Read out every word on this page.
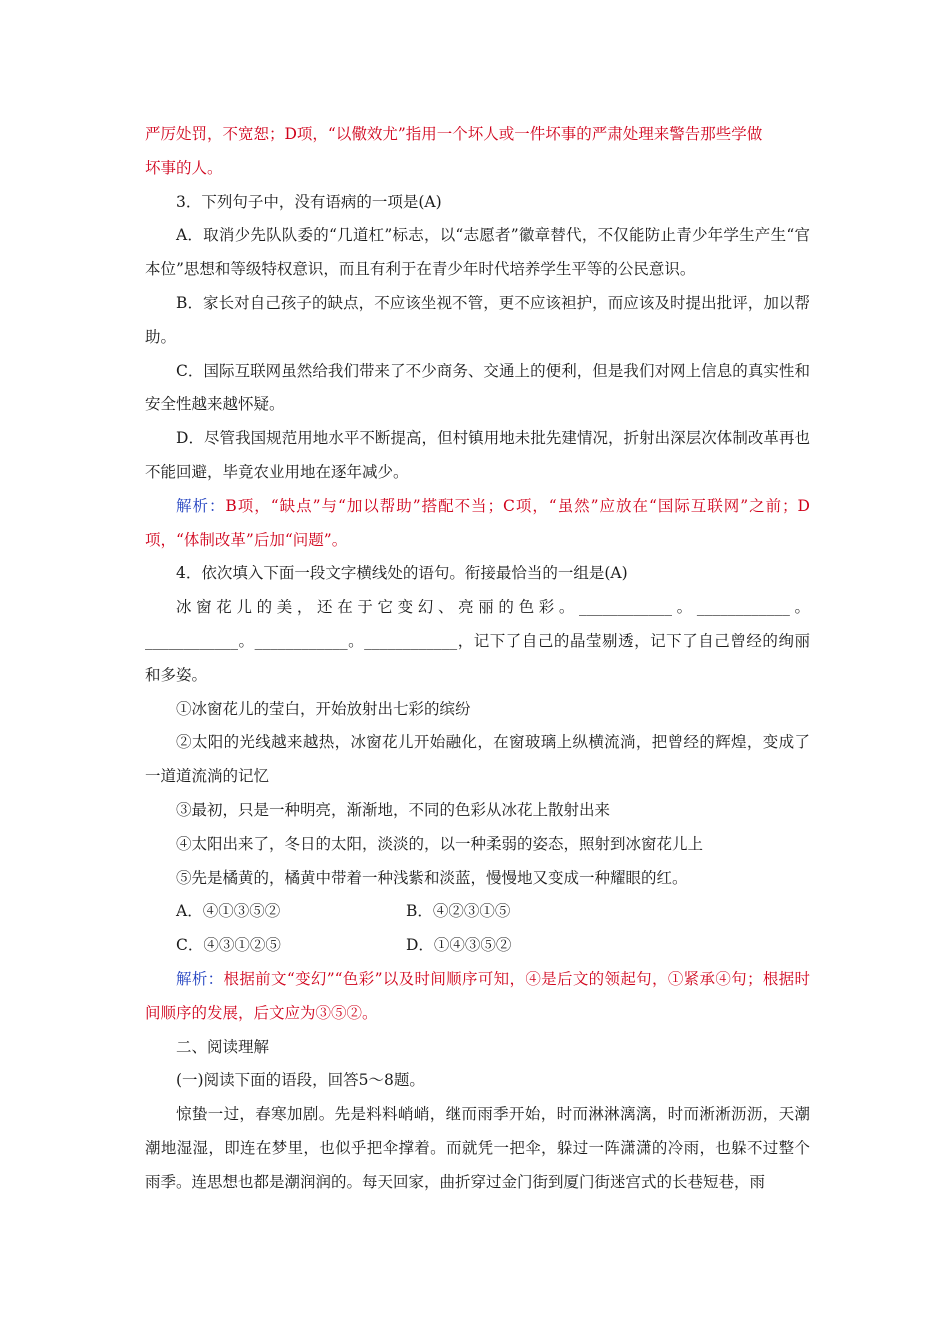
严厉处罚，不宽恕；D项，“以儆效尤”指用一个坏人或一件坏事的严肃处理来警告那些学做

坏事的人。

3．下列句子中，没有语病的一项是(A)

A．取消少先队队委的“几道杠”标志，以“志愿者”徽章替代，不仅能防止青少年学生产生“官本位”思想和等级特权意识，而且有利于在青少年时代培养学生平等的公民意识。

B．家长对自己孩子的缺点，不应该坐视不管，更不应该袒护，而应该及时提出批评，加以帮助。

C．国际互联网虽然给我们带来了不少商务、交通上的便利，但是我们对网上信息的真实性和安全性越来越怀疑。

D．尽管我国规范用地水平不断提高，但村镇用地未批先建情况，折射出深层次体制改革再也不能回避，毕竟农业用地在逐年减少。

解析：B项，“缺点”与“加以帮助”搭配不当；C项，“虽然”应放在“国际互联网”之前；D项，“体制改革”后加“问题”。

4．依次填入下面一段文字横线处的语句。衔接最恰当的一组是(A)

冰窗花儿的美，还在于它变幻、亮丽的色彩。____________。____________。____________。____________。____________，记下了自己的晶莹剔透，记下了自己曾经的绚丽和多姿。

①冰窗花儿的莹白，开始放射出七彩的缤纷

②太阳的光线越来越热，冰窗花儿开始融化，在窗玻璃上纵横流淌，把曾经的辉煌，变成了一道道流淌的记忆

③最初，只是一种明亮，渐渐地，不同的色彩从冰花上散射出来

④太阳出来了，冬日的太阳，淡淡的，以一种柔弱的姿态，照射到冰窗花儿上

⑤先是橘黄的，橘黄中带着一种浅紫和淡蓝，慢慢地又变成一种耀眼的红。

A．④①③⑤②	B．④②③①⑤
C．④③①②⑤	D．①④③⑤②

解析：根据前文“变幻”“色彩”以及时间顺序可知，④是后文的领起句，①紧承④句；根据时间顺序的发展，后文应为③⑤②。

二、阅读理解

(一)阅读下面的语段，回答5～8题。

惊蛰一过，春寒加剧。先是料料峭峭，继而雨季开始，时而淋淋漓漓，时而淅淅沥沥，天潮潮地湿湿，即连在梦里，也似乎把伞撑着。而就凭一把伞，躲过一阵潇潇的冷雨，也躲不过整个雨季。连思想也都是潮润润的。每天回家，曲折穿过金门街到厦门街迷宫式的长巷短巷，雨
